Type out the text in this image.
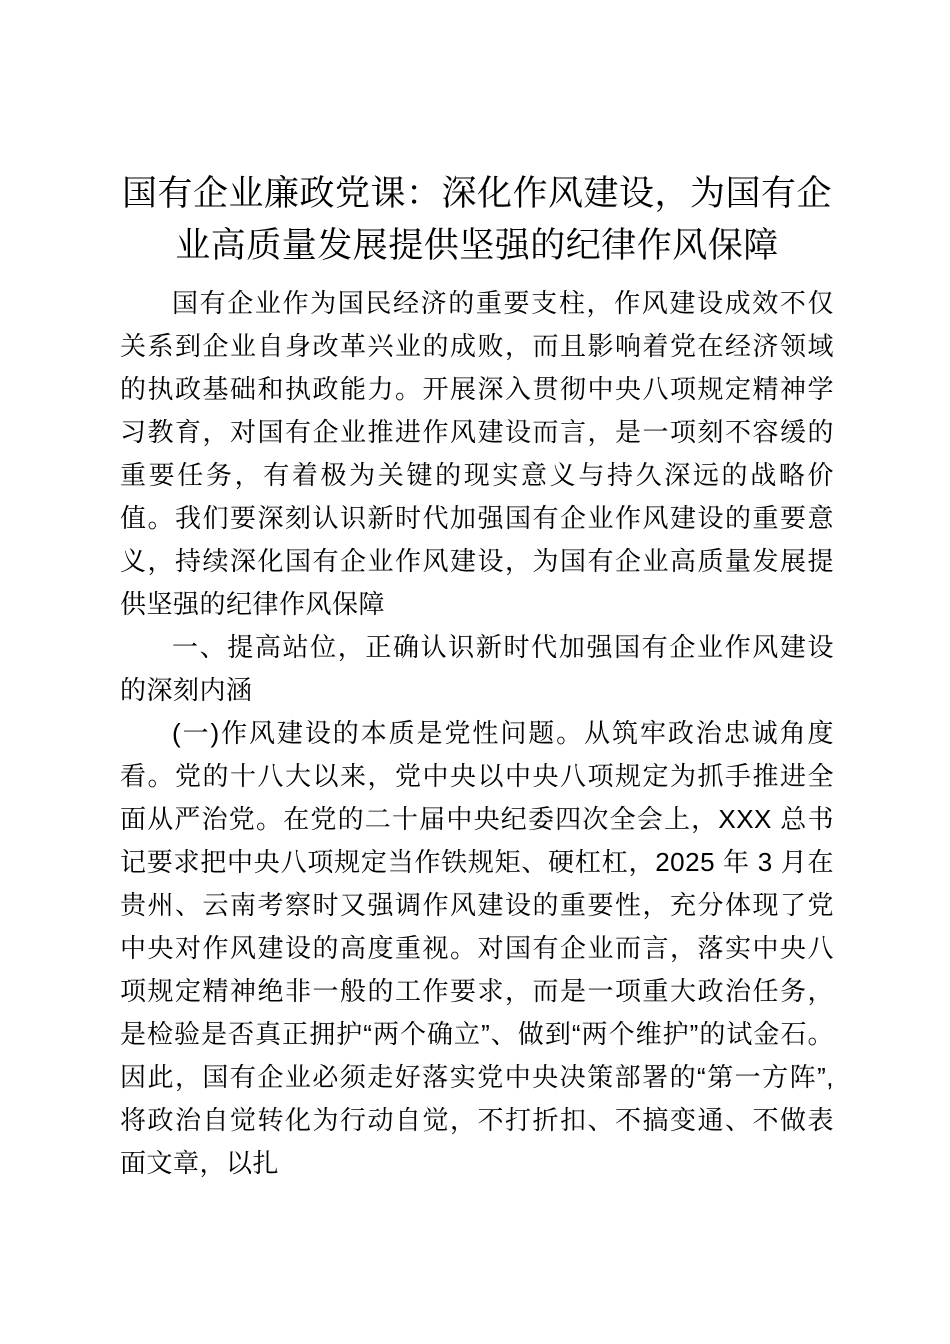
国有企业廉政党课：深化作风建设，为国有企业高质量发展提供坚强的纪律作风保障

国有企业作为国民经济的重要支柱，作风建设成效不仅关系到企业自身改革兴业的成败，而且影响着党在经济领域的执政基础和执政能力。开展深入贯彻中央八项规定精神学习教育，对国有企业推进作风建设而言，是一项刻不容缓的重要任务，有着极为关键的现实意义与持久深远的战略价值。我们要深刻认识新时代加强国有企业作风建设的重要意义，持续深化国有企业作风建设，为国有企业高质量发展提供坚强的纪律作风保障

一、提高站位，正确认识新时代加强国有企业作风建设的深刻内涵

(一)作风建设的本质是党性问题。从筑牢政治忠诚角度看。党的十八大以来，党中央以中央八项规定为抓手推进全面从严治党。在党的二十届中央纪委四次全会上，XXX 总书记要求把中央八项规定当作铁规矩、硬杠杠，2025 年 3 月在贵州、云南考察时又强调作风建设的重要性，充分体现了党中央对作风建设的高度重视。对国有企业而言，落实中央八项规定精神绝非一般的工作要求，而是一项重大政治任务，是检验是否真正拥护“两个确立”、做到“两个维护”的试金石。因此，国有企业必须走好落实党中央决策部署的“第一方阵”,将政治自觉转化为行动自觉，不打折扣、不搞变通、不做表面文章，以扎
